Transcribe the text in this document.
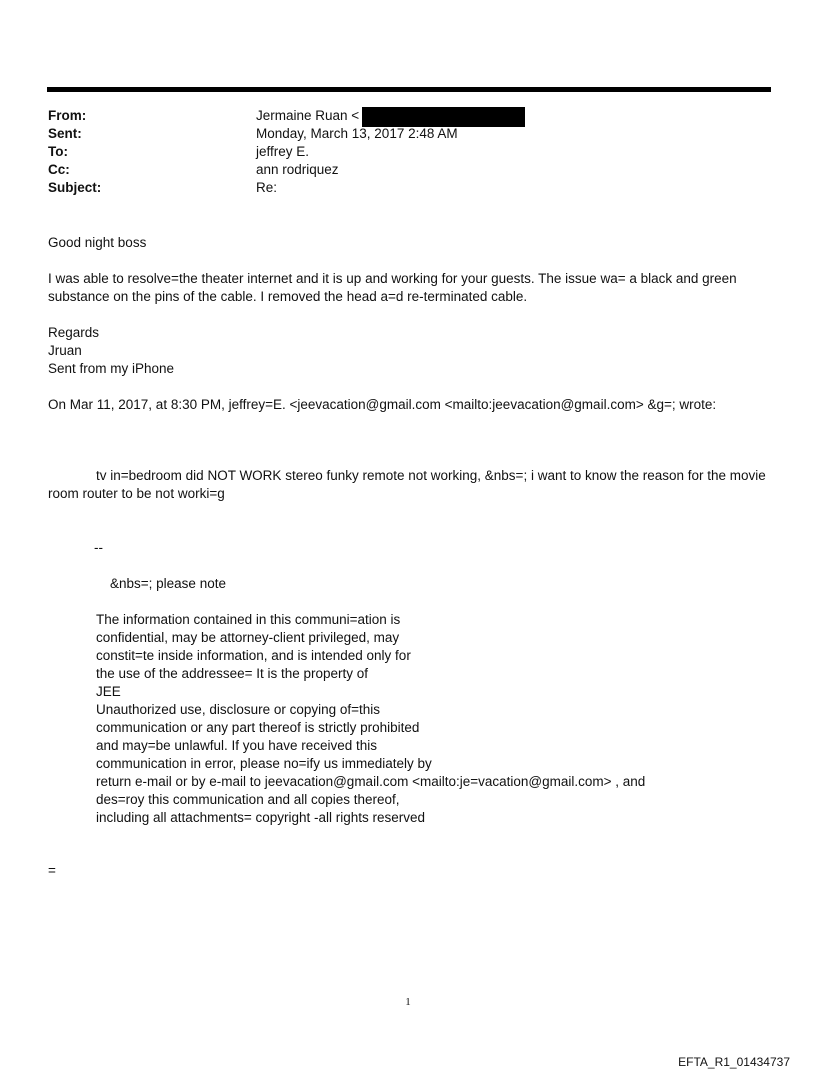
From:	Jermaine Ruan <
Sent:	Monday, March 13, 2017 2:48 AM
To:	jeffrey E.
Cc:	ann rodriquez
Subject:	Re:
Good night boss
I was able to resolve=the theater internet and it is up and working for your guests. The issue wa= a black and green substance on the pins of the cable. I removed the head a=d re-terminated cable.
Regards
Jruan
Sent from my iPhone
On Mar 11, 2017, at 8:30 PM, jeffrey=E. <jeevacation@gmail.com <mailto:jeevacation@gmail.com> &g=; wrote:
tv in=bedroom did NOT WORK stereo funky remote not working, &nbs=; i want to know the reason for the movie room router to be not worki=g
--
&nbs=; please note
The information contained in this communi=ation is
confidential, may be attorney-client privileged, may
constit=te inside information, and is intended only for
the use of the addressee= It is the property of
JEE
Unauthorized use, disclosure or copying of=this
communication or any part thereof is strictly prohibited
and may=be unlawful. If you have received this
communication in error, please no=ify us immediately by
return e-mail or by e-mail to jeevacation@gmail.com <mailto:je=vacation@gmail.com> , and
des=roy this communication and all copies thereof,
including all attachments= copyright -all rights reserved
=
1
EFTA_R1_01434737
